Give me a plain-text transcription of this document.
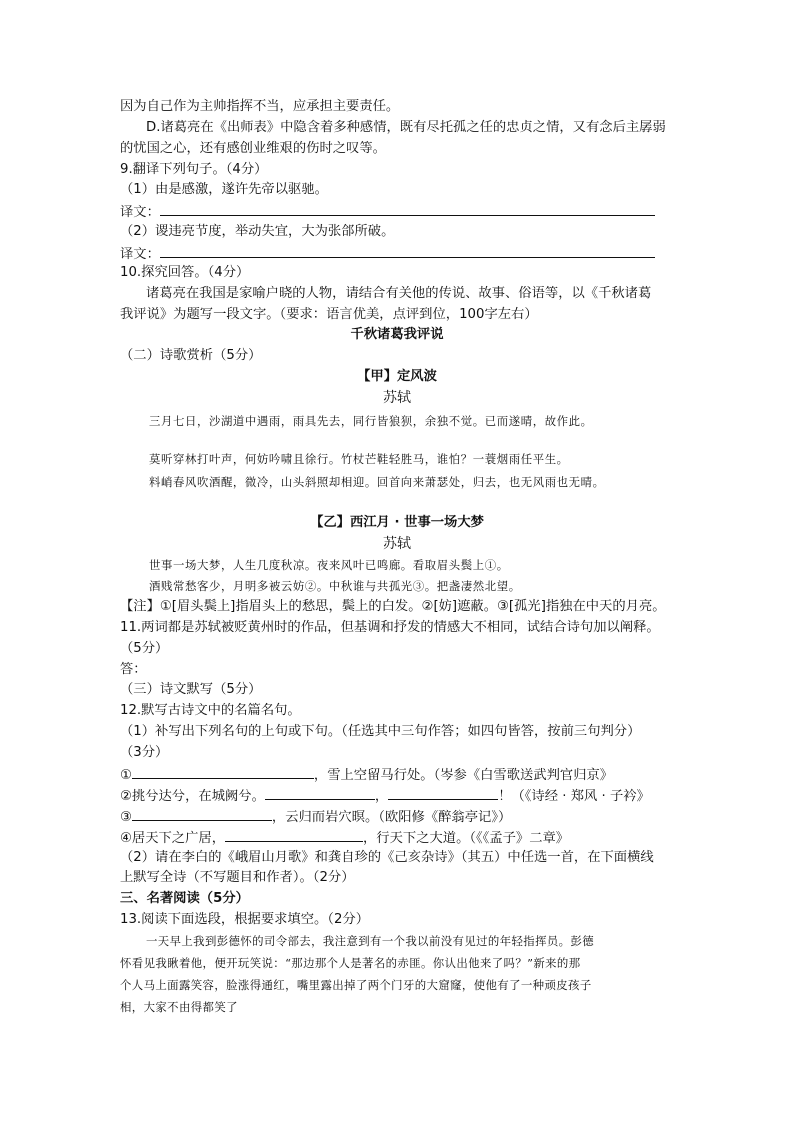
因为自己作为主帅指挥不当，应承担主要责任。
D.诸葛亮在《出师表》中隐含着多种感情，既有尽托孤之任的忠贞之情，又有念后主孱弱
的忧国之心，还有感创业维艰的伤时之叹等。
9.翻译下列句子。（4分）
（1）由是感激，遂许先帝以驱驰。
译文：
（2）谡违亮节度，举动失宜，大为张郃所破。
译文：
10.探究回答。（4分）
诸葛亮在我国是家喻户晓的人物，请结合有关他的传说、故事、俗语等，以《千秋诸葛
我评说》为题写一段文字。（要求：语言优美，点评到位，100字左右）
千秋诸葛我评说
（二）诗歌赏析（5分）
【甲】定风波
苏轼
三月七日，沙湖道中遇雨，雨具先去，同行皆狼狈，余独不觉。已而遂晴，故作此。
莫听穿林打叶声，何妨吟啸且徐行。竹杖芒鞋轻胜马，谁怕？一蓑烟雨任平生。
料峭春风吹酒醒，微冷，山头斜照却相迎。回首向来萧瑟处，归去，也无风雨也无晴。
【乙】西江月 · 世事一场大梦
苏轼
世事一场大梦，人生几度秋凉。夜来风叶已鸣廊。看取眉头鬓上①。
酒贱常愁客少，月明多被云妨②。中秋谁与共孤光③。把盏凄然北望。
【注】①[眉头鬓上]指眉头上的愁思，鬓上的白发。②[妨]遮蔽。③[孤光]指独在中天的月亮。
11.两词都是苏轼被贬黄州时的作品，但基调和抒发的情感大不相同，试结合诗句加以阐释。
（5分）
答：
（三）诗文默写（5分）
12.默写古诗文中的名篇名句。
（1）补写出下列名句的上句或下句。（任选其中三句作答；如四句皆答，按前三句判分）
（3分）
①	，雪上空留马行处。（岑参《白雪歌送武判官归京》
②挑兮达兮，在城阙兮。	，	！（《诗经 · 郑风 · 子衿》
③	，云归而岩穴暝。（欧阳修《醉翁亭记》）
④居天下之广居，	，行天下之大道。（《《孟子》二章》
（2）请在李白的《峨眉山月歌》和龚自珍的《己亥杂诗》（其五）中任选一首，在下面横线
上默写全诗（不写题目和作者）。（2分）
三、名著阅读（5分）
13.阅读下面选段，根据要求填空。（2分）
一天早上我到彭德怀的司令部去，我注意到有一个我以前没有见过的年轻指挥员。彭德
怀看见我瞅着他，便开玩笑说：“那边那个人是著名的赤匪。你认出他来了吗？”新来的那
个人马上面露笑容，脸涨得通红，嘴里露出掉了两个门牙的大窟窿，使他有了一种顽皮孩子
相，大家不由得都笑了
